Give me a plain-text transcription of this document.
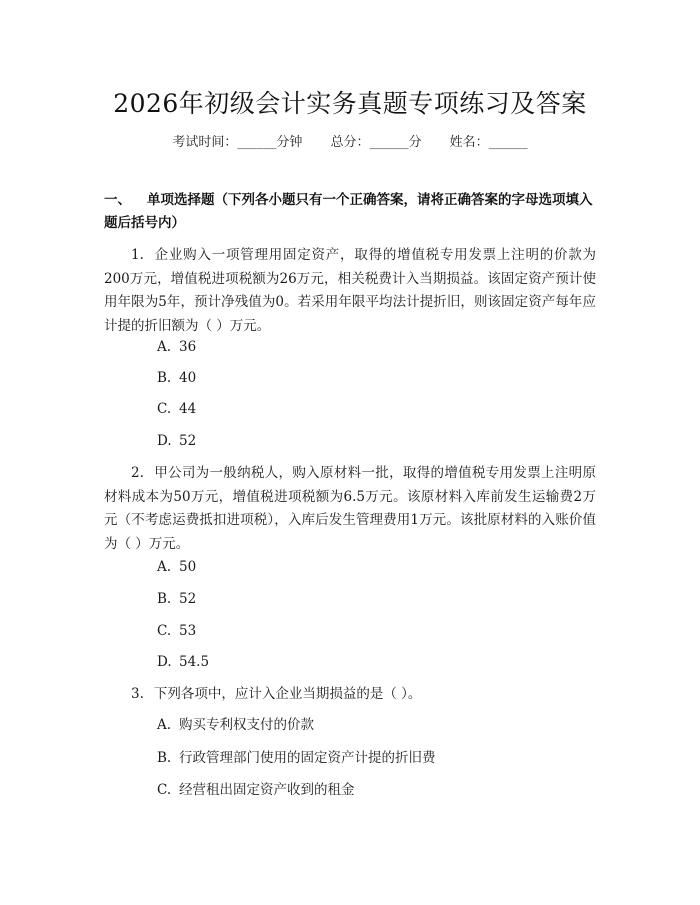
2026年初级会计实务真题专项练习及答案
考试时间：______分钟 总分：______分 姓名：______
一、 单项选择题（下列各小题只有一个正确答案，请将正确答案的字母选项填入题后括号内）
1. 企业购入一项管理用固定资产，取得的增值税专用发票上注明的价款为200万元，增值税进项税额为26万元，相关税费计入当期损益。该固定资产预计使用年限为5年，预计净残值为0。若采用年限平均法计提折旧，则该固定资产每年应计提的折旧额为（ ）万元。
A. 36
B. 40
C. 44
D. 52
2. 甲公司为一般纳税人，购入原材料一批，取得的增值税专用发票上注明原材料成本为50万元，增值税进项税额为6.5万元。该原材料入库前发生运输费2万元（不考虑运费抵扣进项税），入库后发生管理费用1万元。该批原材料的入账价值为（ ）万元。
A. 50
B. 52
C. 53
D. 54.5
3. 下列各项中，应计入企业当期损益的是（ ）。
A. 购买专利权支付的价款
B. 行政管理部门使用的固定资产计提的折旧费
C. 经营租出固定资产收到的租金
